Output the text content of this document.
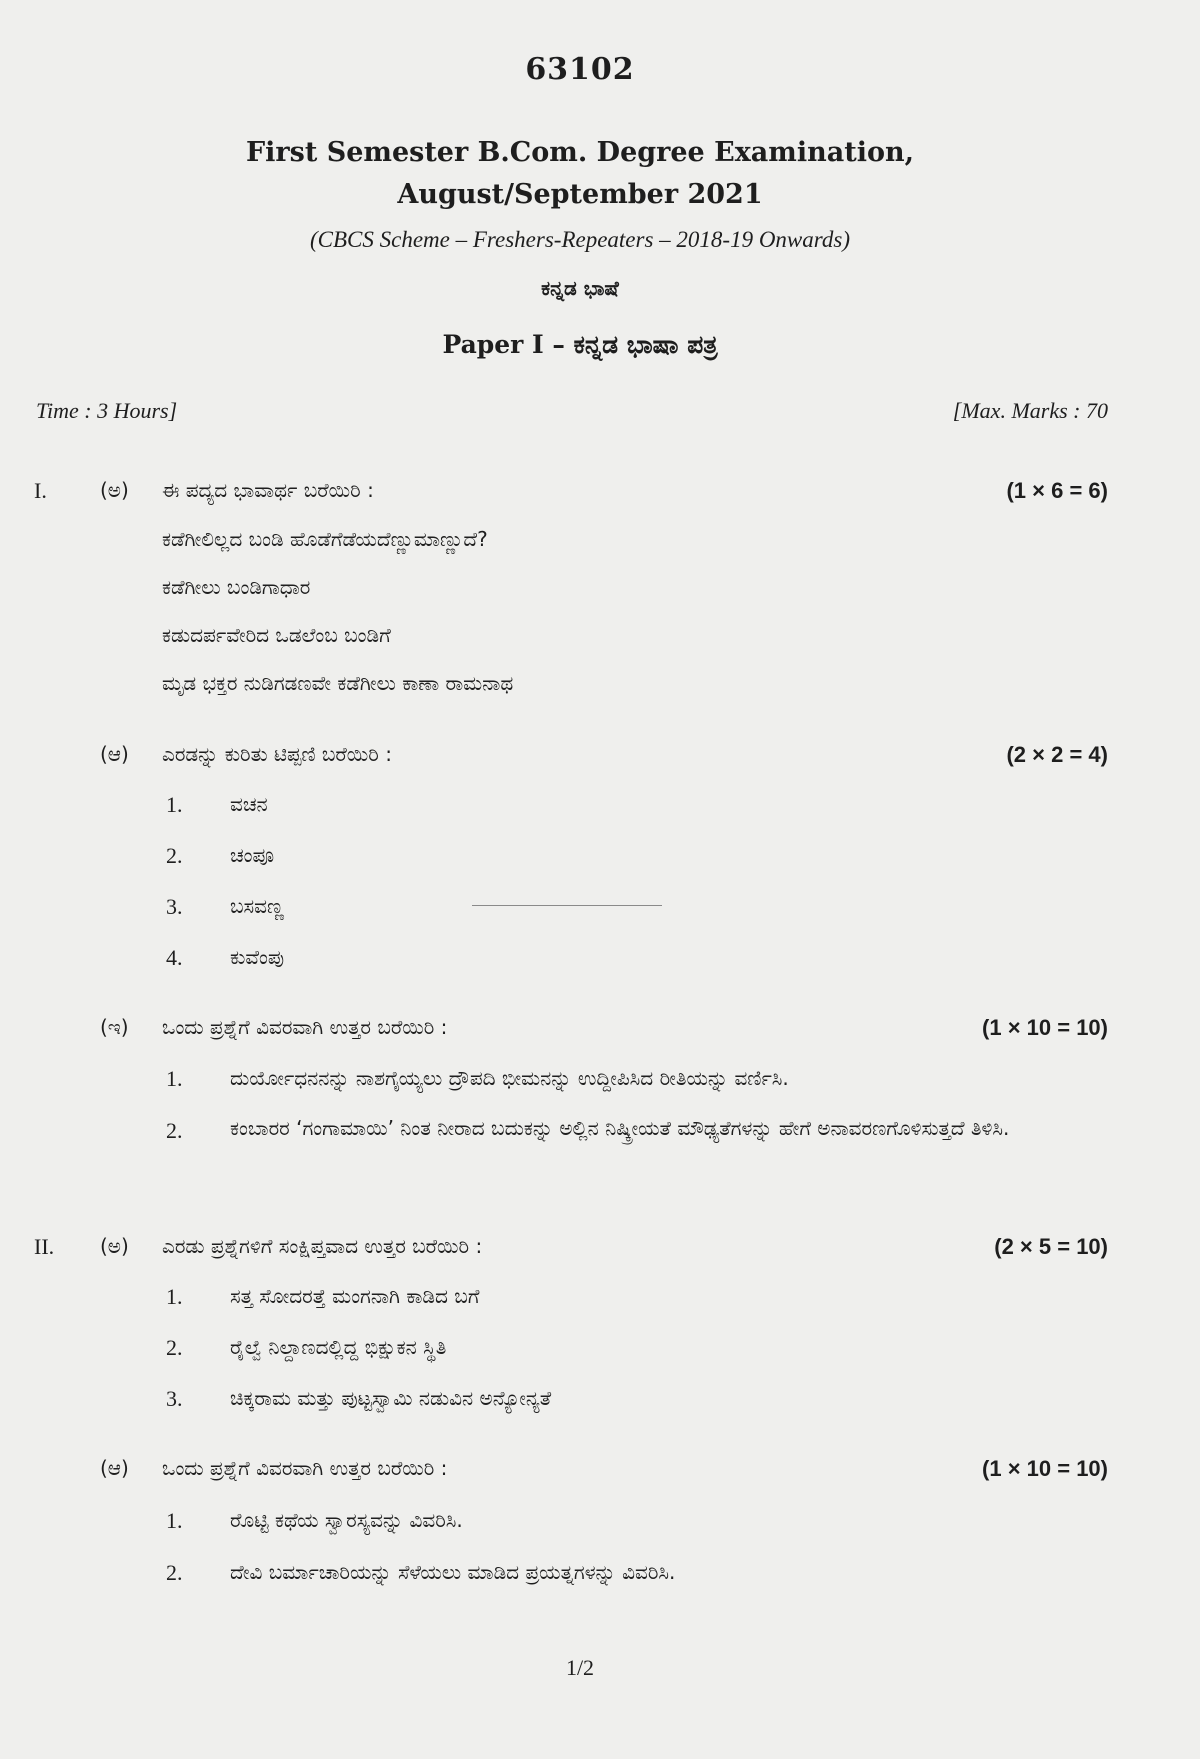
63102
First Semester B.Com. Degree Examination,
August/September 2021
(CBCS Scheme – Freshers-Repeaters – 2018-19 Onwards)
ಕನ್ನಡ ಭಾಷೆ
Paper I – ಕನ್ನಡ ಭಾಷಾ ಪತ್ರ
Time : 3 Hours]	[Max. Marks : 70
I.	(ಅ) ಈ ಪದ್ಯದ ಭಾವಾರ್ಥ ಬರೆಯಿರಿ :	(1 × 6 = 6)
ಕಡೆಗೀಲಿಲ್ಲದ ಬಂಡಿ ಹೊಡೆಗೆಡೆಯದೆಣ್ಣುಮಾಣ್ಣುದೆ?
ಕಡೆಗೀಲು ಬಂಡಿಗಾಧಾರ
ಕಡುದರ್ಪವೇರಿದ ಒಡಲೆಂಬ ಬಂಡಿಗೆ
ಮೃಡ ಭಕ್ತರ ನುಡಿಗಡಣವೇ ಕಡೆಗೀಲು ಕಾಣಾ ರಾಮನಾಥ
(ಆ) ಎರಡನ್ನು ಕುರಿತು ಟಿಪ್ಪಣಿ ಬರೆಯಿರಿ :	(2 × 2 = 4)
1. ವಚನ
2. ಚಂಪೂ
3. ಬಸವಣ್ಣ
4. ಕುವೆಂಪು
(ಇ) ಒಂದು ಪ್ರಶ್ನೆಗೆ ವಿವರವಾಗಿ ಉತ್ತರ ಬರೆಯಿರಿ :	(1 × 10 = 10)
1. ದುರ್ಯೋಧನನನ್ನು ನಾಶಗೈಯ್ಯಲು ದ್ರೌಪದಿ ಭೀಮನನ್ನು ಉದ್ದೀಪಿಸಿದ ರೀತಿಯನ್ನು ವರ್ಣಿಸಿ.
2. ಕಂಬಾರರ ‘ಗಂಗಾಮಾಯಿ’ ನಿಂತ ನೀರಾದ ಬದುಕನ್ನು ಅಲ್ಲಿನ ನಿಷ್ಕ್ರೀಯತೆ ಮೌಢ್ಯತೆಗಳನ್ನು ಹೇಗೆ ಅನಾವರಣಗೊಳಿಸುತ್ತದೆ ತಿಳಿಸಿ.
II. (ಅ) ಎರಡು ಪ್ರಶ್ನೆಗಳಿಗೆ ಸಂಕ್ಷಿಪ್ತವಾದ ಉತ್ತರ ಬರೆಯಿರಿ :	(2 × 5 = 10)
1. ಸತ್ತ ಸೋದರತ್ತೆ ಮಂಗನಾಗಿ ಕಾಡಿದ ಬಗೆ
2. ರೈಲ್ವೆ ನಿಲ್ದಾಣದಲ್ಲಿದ್ದ ಭಿಕ್ಷುಕನ ಸ್ಥಿತಿ
3. ಚಿಕ್ಕರಾಮ ಮತ್ತು ಪುಟ್ಟಸ್ವಾಮಿ ನಡುವಿನ ಅನ್ಯೋನ್ಯತೆ
(ಆ) ಒಂದು ಪ್ರಶ್ನೆಗೆ ವಿವರವಾಗಿ ಉತ್ತರ ಬರೆಯಿರಿ :	(1 × 10 = 10)
1. ರೊಟ್ಟಿ ಕಥೆಯ ಸ್ವಾರಸ್ಯವನ್ನು ವಿವರಿಸಿ.
2. ದೇವಿ ಬರ್ಮಾಚಾರಿಯನ್ನು ಸೆಳೆಯಲು ಮಾಡಿದ ಪ್ರಯತ್ನಗಳನ್ನು ವಿವರಿಸಿ.
1/2
